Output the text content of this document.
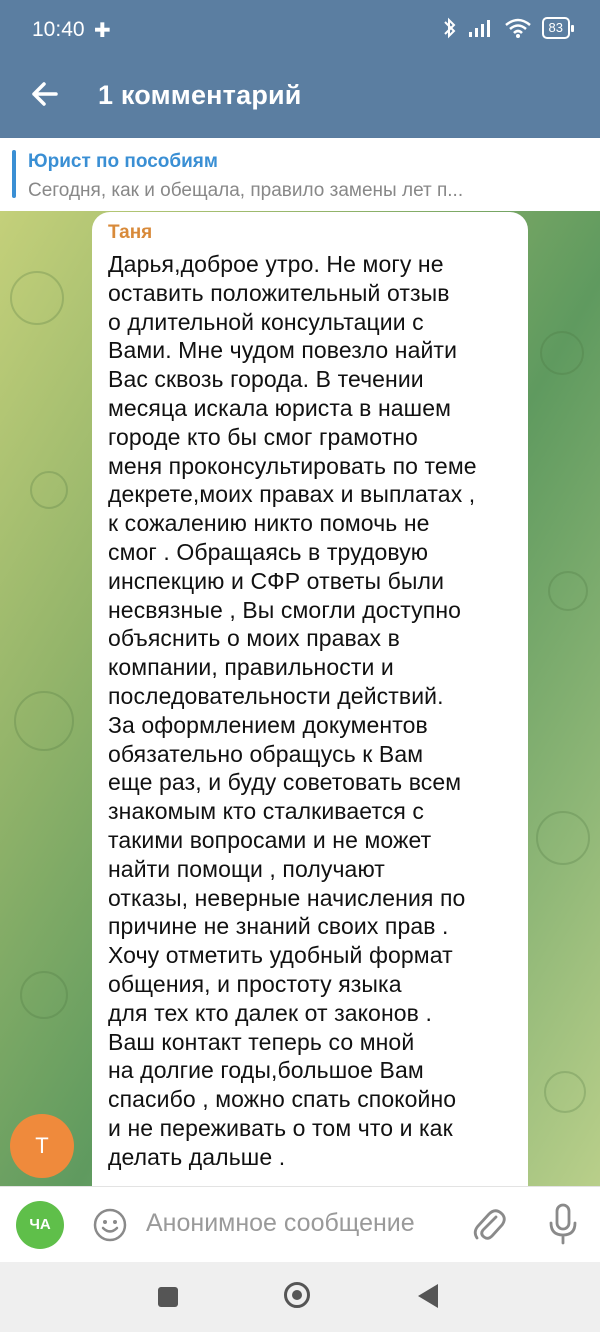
10:40 ✚	83
1 комментарий
Юрист по пособиям
Сегодня, как и обещала, правило замены лет п...
Таня
Дарья,доброе утро. Не могу не
оставить положительный отзыв
о длительной консультации с
Вами. Мне чудом повезло найти
Вас сквозь города. В течении
месяца искала юриста в нашем
городе кто бы смог грамотно
меня проконсультировать по теме
декрете,моих правах и выплатах ,
к сожалению никто помочь не
смог . Обращаясь в трудовую
инспекцию и СФР ответы были
несвязные , Вы смогли доступно
объяснить о моих правах в
компании, правильности и
последовательности действий.
За оформлением документов
обязательно обращусь к Вам
еще раз, и буду советовать всем
знакомым кто сталкивается с
такими вопросами и не может
найти помощи , получают
отказы, неверные начисления по
причине не знаний своих прав .
Хочу отметить удобный формат
общения, и простоту языка
для тех кто далек от законов .
Ваш контакт теперь со мной
на долгие годы,большое Вам
спасибо , можно спать спокойно
и не переживать о том что и как
делать дальше .
Т
ЧА
Анонимное сообщение
